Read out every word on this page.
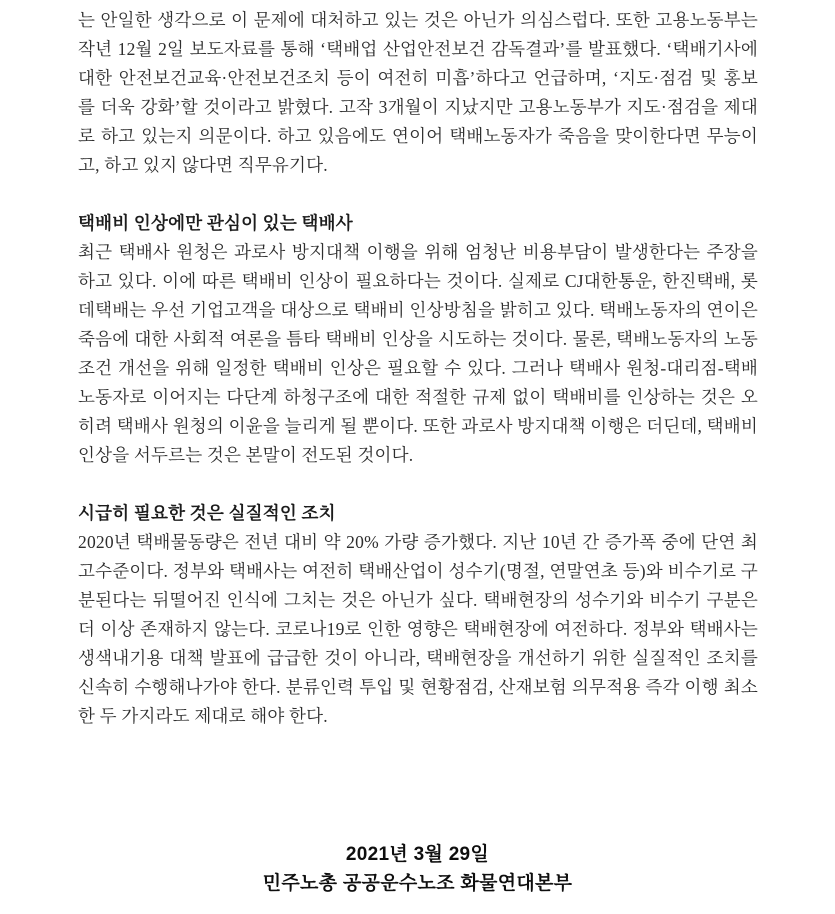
는 안일한 생각으로 이 문제에 대처하고 있는 것은 아닌가 의심스럽다. 또한 고용노동부는 작년 12월 2일 보도자료를 통해 ‘택배업 산업안전보건 감독결과’를 발표했다. ‘택배기사에 대한 안전보건교육·안전보건조치 등이 여전히 미흡’하다고 언급하며, ‘지도·점검 및 홍보를 더욱 강화’할 것이라고 밝혔다. 고작 3개월이 지났지만 고용노동부가 지도·점검을 제대로 하고 있는지 의문이다. 하고 있음에도 연이어 택배노동자가 죽음을 맞이한다면 무능이고, 하고 있지 않다면 직무유기다.

택배비 인상에만 관심이 있는 택배사

최근 택배사 원청은 과로사 방지대책 이행을 위해 엄청난 비용부담이 발생한다는 주장을 하고 있다. 이에 따른 택배비 인상이 필요하다는 것이다. 실제로 CJ대한통운, 한진택배, 롯데택배는 우선 기업고객을 대상으로 택배비 인상방침을 밝히고 있다. 택배노동자의 연이은 죽음에 대한 사회적 여론을 틈타 택배비 인상을 시도하는 것이다. 물론, 택배노동자의 노동조건 개선을 위해 일정한 택배비 인상은 필요할 수 있다. 그러나 택배사 원청-대리점-택배노동자로 이어지는 다단계 하청구조에 대한 적절한 규제 없이 택배비를 인상하는 것은 오히려 택배사 원청의 이윤을 늘리게 될 뿐이다. 또한 과로사 방지대책 이행은 더딘데, 택배비 인상을 서두르는 것은 본말이 전도된 것이다.

시급히 필요한 것은 실질적인 조치

2020년 택배물동량은 전년 대비 약 20% 가량 증가했다. 지난 10년 간 증가폭 중에 단연 최고수준이다. 정부와 택배사는 여전히 택배산업이 성수기(명절, 연말연초 등)와 비수기로 구분된다는 뒤떨어진 인식에 그치는 것은 아닌가 싶다. 택배현장의 성수기와 비수기 구분은 더 이상 존재하지 않는다. 코로나19로 인한 영향은 택배현장에 여전하다. 정부와 택배사는 생색내기용 대책 발표에 급급한 것이 아니라, 택배현장을 개선하기 위한 실질적인 조치를 신속히 수행해나가야 한다. 분류인력 투입 및 현황점검, 산재보험 의무적용 즉각 이행 최소한 두 가지라도 제대로 해야 한다.

2021년 3월 29일
민주노총 공공운수노조 화물연대본부
